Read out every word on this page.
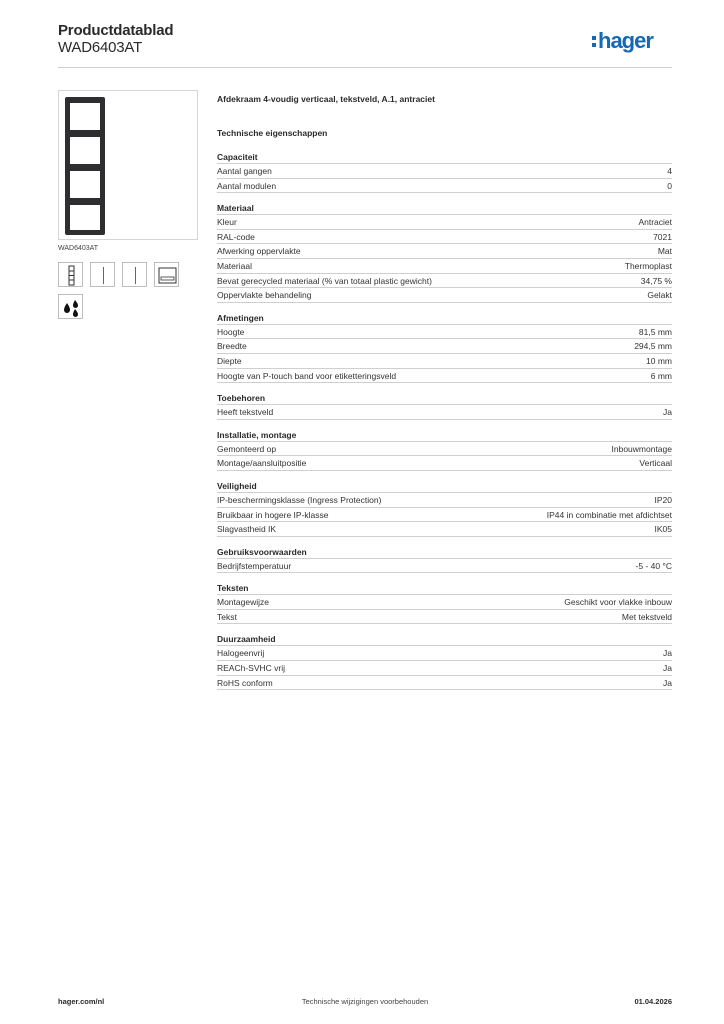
Productdatablad
WAD6403AT	hager
WAD6403AT
Afdekraam 4-voudig verticaal, tekstveld, A.1, antraciet
Technische eigenschappen
Capaciteit
Aantal gangen	4
Aantal modulen	0
Materiaal
Kleur	Antraciet
RAL-code	7021
Afwerking oppervlakte	Mat
Materiaal	Thermoplast
Bevat gerecycled materiaal (% van totaal plastic gewicht)	34,75 %
Oppervlakte behandeling	Gelakt
Afmetingen
Hoogte	81,5 mm
Breedte	294,5 mm
Diepte	10 mm
Hoogte van P-touch band voor etiketteringsveld	6 mm
Toebehoren
Heeft tekstveld	Ja
Installatie, montage
Gemonteerd op	Inbouwmontage
Montage/aansluitpositie	Verticaal
Veiligheid
IP-beschermingsklasse (Ingress Protection)	IP20
Bruikbaar in hogere IP-klasse	IP44 in combinatie met afdichtset
Slagvastheid IK	IK05
Gebruiksvoorwaarden
Bedrijfstemperatuur	-5 - 40 °C
Teksten
Montagewijze	Geschikt voor vlakke inbouw
Tekst	Met tekstveld
Duurzaamheid
Halogeenvrij	Ja
REACh-SVHC vrij	Ja
RoHS conform	Ja
Technische wijzigingen voorbehouden
hager.com/nl	01.04.2026
